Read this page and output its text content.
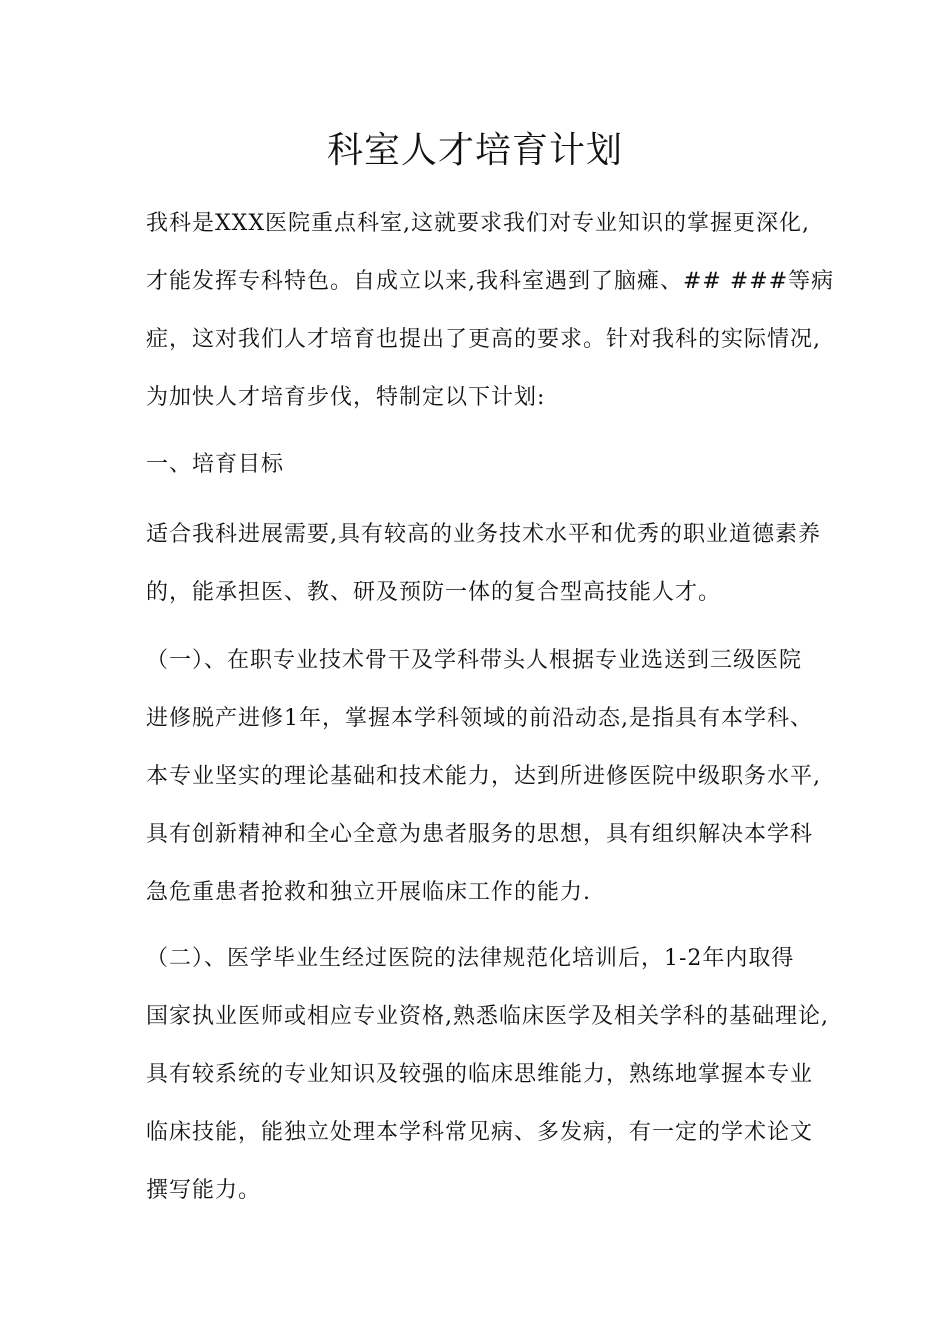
科室人才培育计划

我科是XXX医院重点科室,这就要求我们对专业知识的掌握更深化,
才能发挥专科特色。自成立以来,我科室遇到了脑瘫、## ###等病
症，这对我们人才培育也提出了更高的要求。针对我科的实际情况,
为加快人才培育步伐，特制定以下计划:

一、培育目标

适合我科进展需要,具有较高的业务技术水平和优秀的职业道德素养
的，能承担医、教、研及预防一体的复合型高技能人才。

（一）、在职专业技术骨干及学科带头人根据专业选送到三级医院
进修脱产进修1年，掌握本学科领域的前沿动态,是指具有本学科、
本专业坚实的理论基础和技术能力，达到所进修医院中级职务水平,
具有创新精神和全心全意为患者服务的思想，具有组织解决本学科
急危重患者抢救和独立开展临床工作的能力.

（二）、医学毕业生经过医院的法律规范化培训后，1-2年内取得
国家执业医师或相应专业资格,熟悉临床医学及相关学科的基础理论,
具有较系统的专业知识及较强的临床思维能力，熟练地掌握本专业
临床技能，能独立处理本学科常见病、多发病，有一定的学术论文
撰写能力。
